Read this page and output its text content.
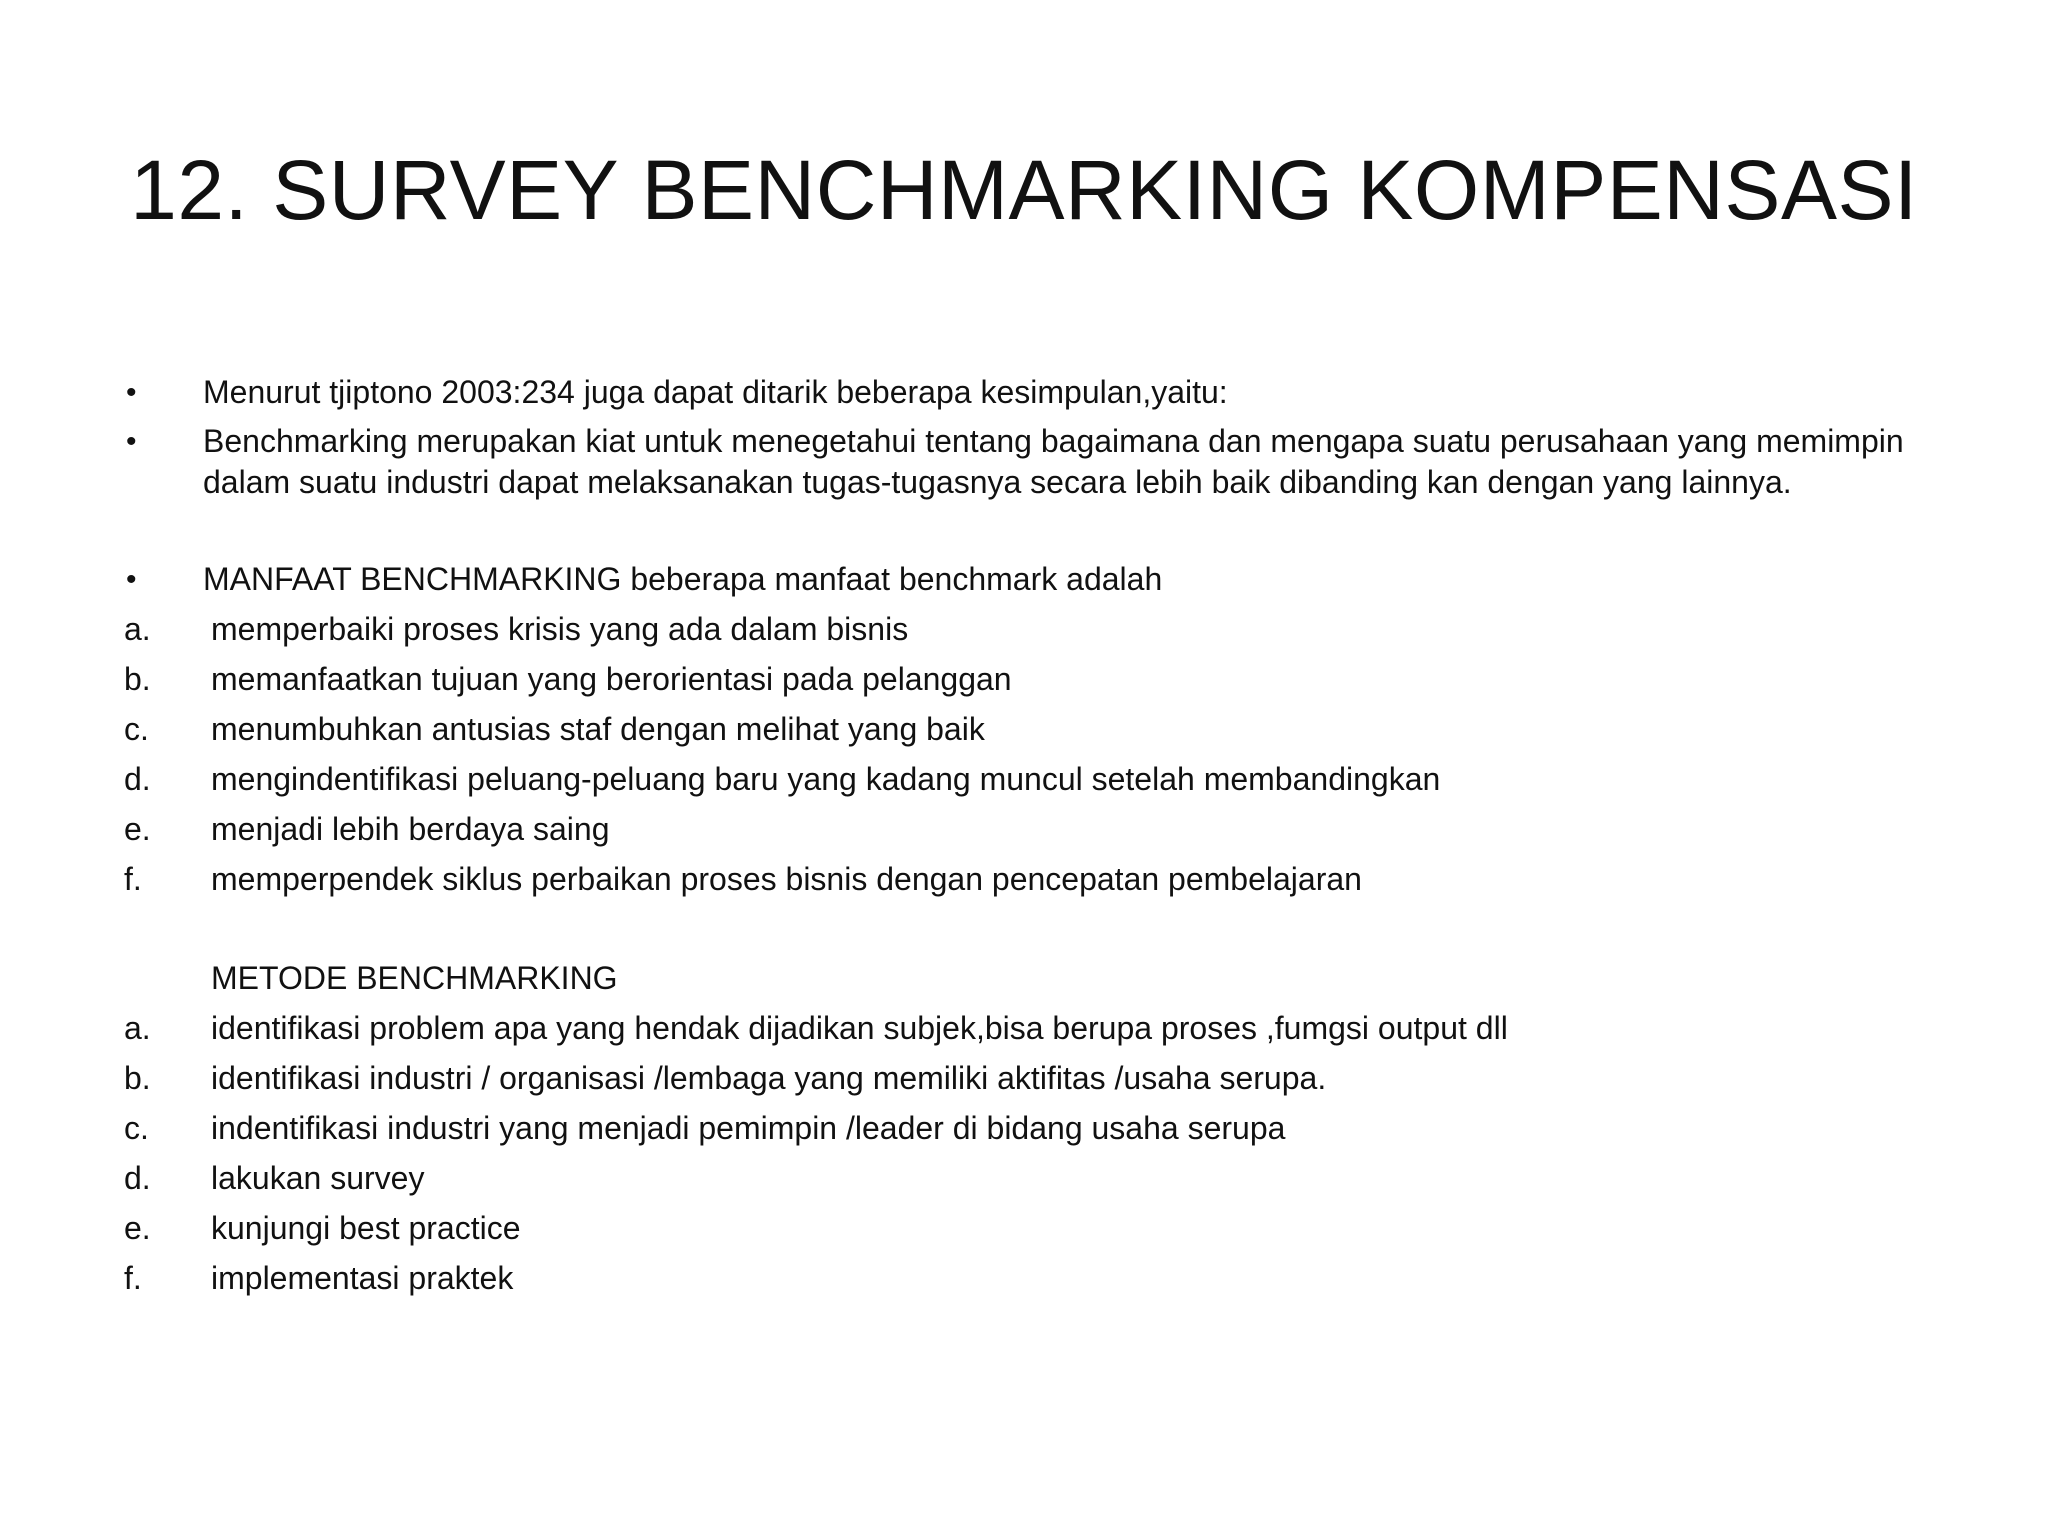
12. SURVEY BENCHMARKING KOMPENSASI
• Menurut tjiptono 2003:234 juga dapat ditarik beberapa kesimpulan,yaitu:
• Benchmarking merupakan kiat untuk menegetahui tentang bagaimana dan mengapa suatu perusahaan yang memimpin dalam suatu industri dapat melaksanakan tugas-tugasnya secara lebih baik dibanding kan dengan yang lainnya.
• MANFAAT BENCHMARKING beberapa manfaat benchmark adalah
a. memperbaiki proses krisis yang ada dalam bisnis
b. memanfaatkan tujuan yang berorientasi pada pelanggan
c. menumbuhkan antusias staf dengan melihat yang baik
d. mengindentifikasi peluang-peluang baru yang kadang muncul setelah membandingkan
e. menjadi lebih berdaya saing
f. memperpendek siklus perbaikan proses bisnis dengan pencepatan pembelajaran
METODE BENCHMARKING
a. identifikasi problem apa yang hendak dijadikan subjek,bisa berupa proses ,fumgsi output dll
b. identifikasi industri / organisasi /lembaga yang memiliki aktifitas /usaha serupa.
c. indentifikasi industri yang menjadi pemimpin /leader di bidang usaha serupa
d. lakukan survey
e. kunjungi best practice
f. implementasi praktek
